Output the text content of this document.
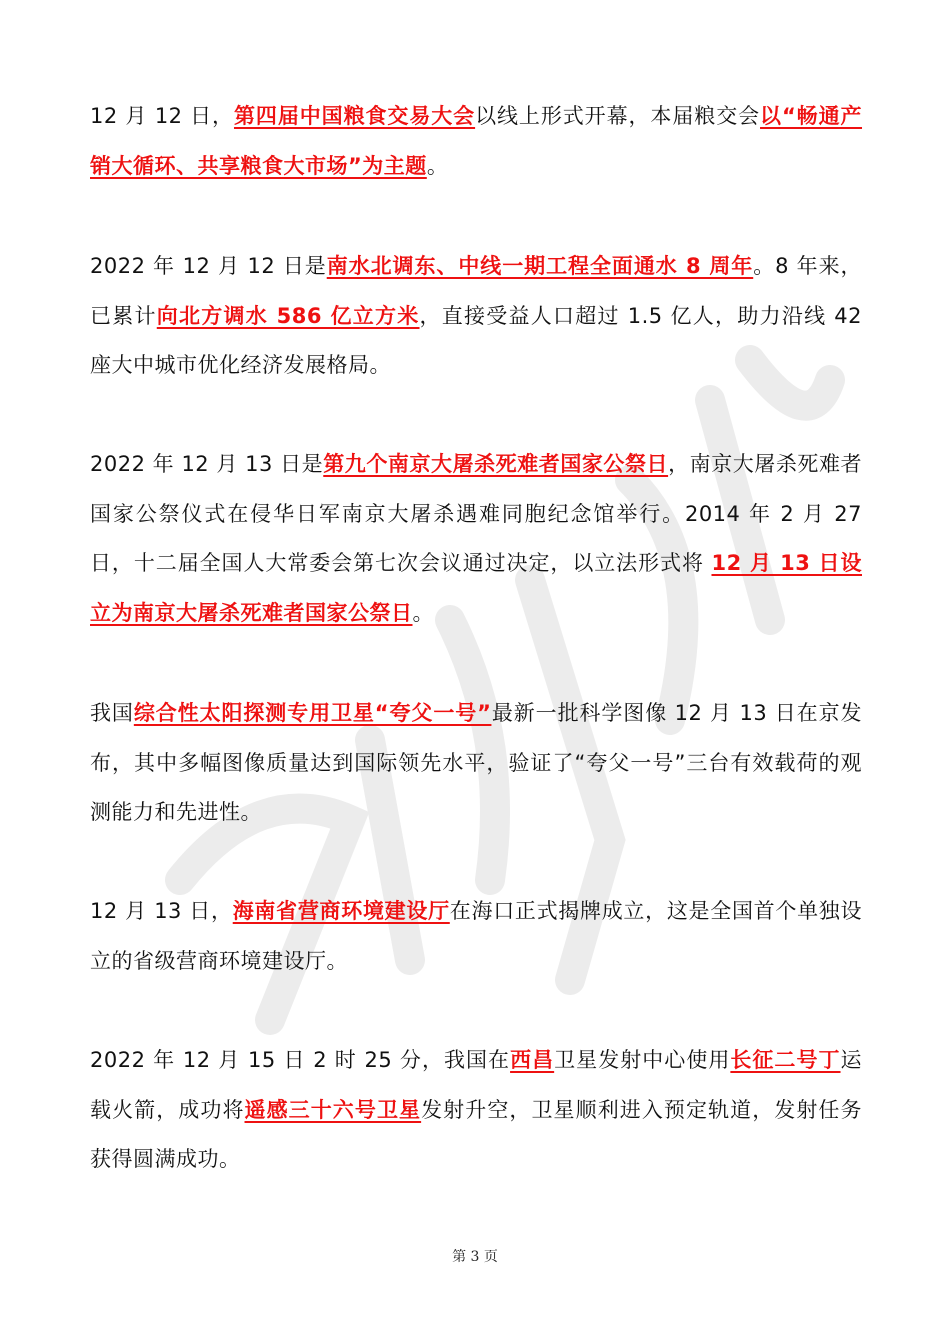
12 月 12 日，第四届中国粮食交易大会以线上形式开幕，本届粮交会以“畅通产销大循环、共享粮食大市场”为主题。

2022 年 12 月 12 日是南水北调东、中线一期工程全面通水 8 周年。8 年来，已累计向北方调水 586 亿立方米，直接受益人口超过 1.5 亿人，助力沿线 42 座大中城市优化经济发展格局。

2022 年 12 月 13 日是第九个南京大屠杀死难者国家公祭日，南京大屠杀死难者国家公祭仪式在侵华日军南京大屠杀遇难同胞纪念馆举行。2014 年 2 月 27 日，十二届全国人大常委会第七次会议通过决定，以立法形式将 12 月 13 日设立为南京大屠杀死难者国家公祭日。

我国综合性太阳探测专用卫星“夸父一号”最新一批科学图像 12 月 13 日在京发布，其中多幅图像质量达到国际领先水平，验证了“夸父一号”三台有效载荷的观测能力和先进性。

12 月 13 日，海南省营商环境建设厅在海口正式揭牌成立，这是全国首个单独设立的省级营商环境建设厅。

2022 年 12 月 15 日 2 时 25 分，我国在西昌卫星发射中心使用长征二号丁运载火箭，成功将遥感三十六号卫星发射升空，卫星顺利进入预定轨道，发射任务获得圆满成功。

第 3 页
